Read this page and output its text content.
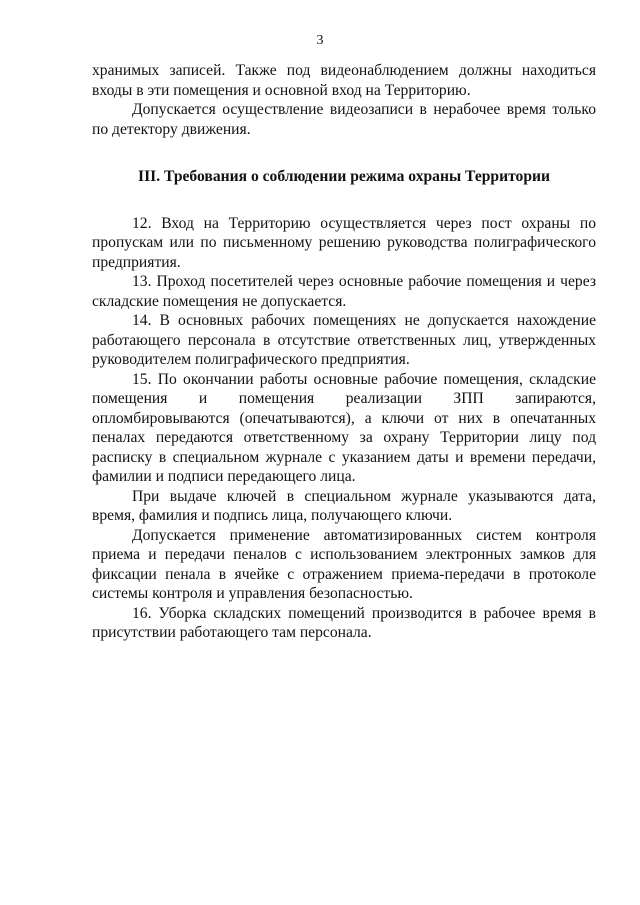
3

хранимых записей. Также под видеонаблюдением должны находиться входы в эти помещения и основной вход на Территорию.

Допускается осуществление видеозаписи в нерабочее время только по детектору движения.

III. Требования о соблюдении режима охраны Территории

12. Вход на Территорию осуществляется через пост охраны по пропускам или по письменному решению руководства полиграфического предприятия.

13. Проход посетителей через основные рабочие помещения и через складские помещения не допускается.

14. В основных рабочих помещениях не допускается нахождение работающего персонала в отсутствие ответственных лиц, утвержденных руководителем полиграфического предприятия.

15. По окончании работы основные рабочие помещения, складские помещения и помещения реализации ЗПП запираются, опломбировываются (опечатываются), а ключи от них в опечатанных пеналах передаются ответственному за охрану Территории лицу под расписку в специальном журнале с указанием даты и времени передачи, фамилии и подписи передающего лица.

При выдаче ключей в специальном журнале указываются дата, время, фамилия и подпись лица, получающего ключи.

Допускается применение автоматизированных систем контроля приема и передачи пеналов с использованием электронных замков для фиксации пенала в ячейке с отражением приема-передачи в протоколе системы контроля и управления безопасностью.

16. Уборка складских помещений производится в рабочее время в присутствии работающего там персонала.
